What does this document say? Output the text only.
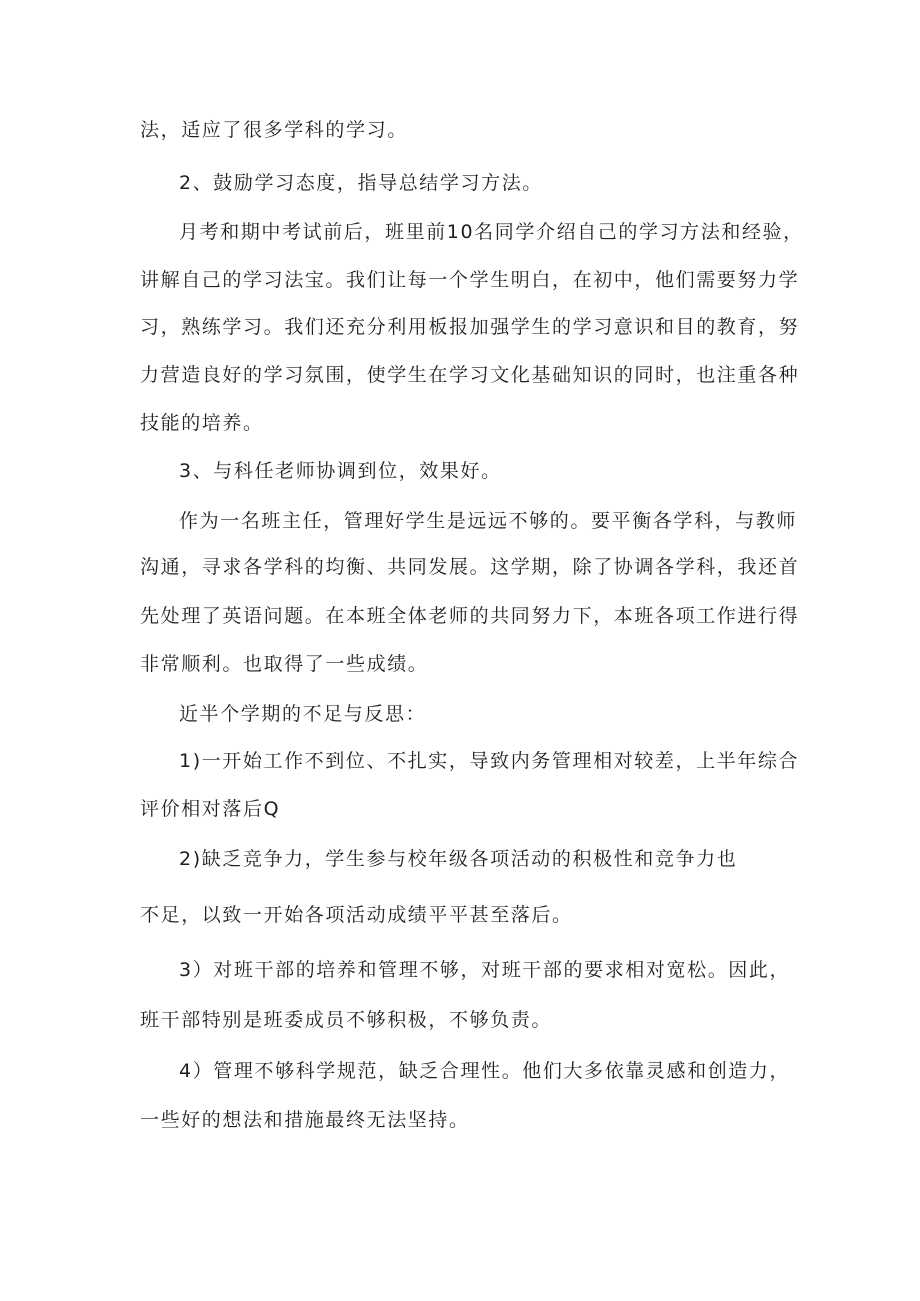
法，适应了很多学科的学习。

2、鼓励学习态度，指导总结学习方法。

月考和期中考试前后，班里前10名同学介绍自己的学习方法和经验，

讲解自己的学习法宝。我们让每一个学生明白，在初中，他们需要努力学

习，熟练学习。我们还充分利用板报加强学生的学习意识和目的教育，努

力营造良好的学习氛围，使学生在学习文化基础知识的同时，也注重各种

技能的培养。

3、与科任老师协调到位，效果好。

作为一名班主任，管理好学生是远远不够的。要平衡各学科，与教师

沟通，寻求各学科的均衡、共同发展。这学期，除了协调各学科，我还首

先处理了英语问题。在本班全体老师的共同努力下，本班各项工作进行得

非常顺利。也取得了一些成绩。

近半个学期的不足与反思：

1)一开始工作不到位、不扎实，导致内务管理相对较差，上半年综合

评价相对落后Q

2)缺乏竞争力，学生参与校年级各项活动的积极性和竞争力也

不足，以致一开始各项活动成绩平平甚至落后。

3）对班干部的培养和管理不够，对班干部的要求相对宽松。因此，

班干部特别是班委成员不够积极，不够负责。

4）管理不够科学规范，缺乏合理性。他们大多依靠灵感和创造力，

一些好的想法和措施最终无法坚持。
